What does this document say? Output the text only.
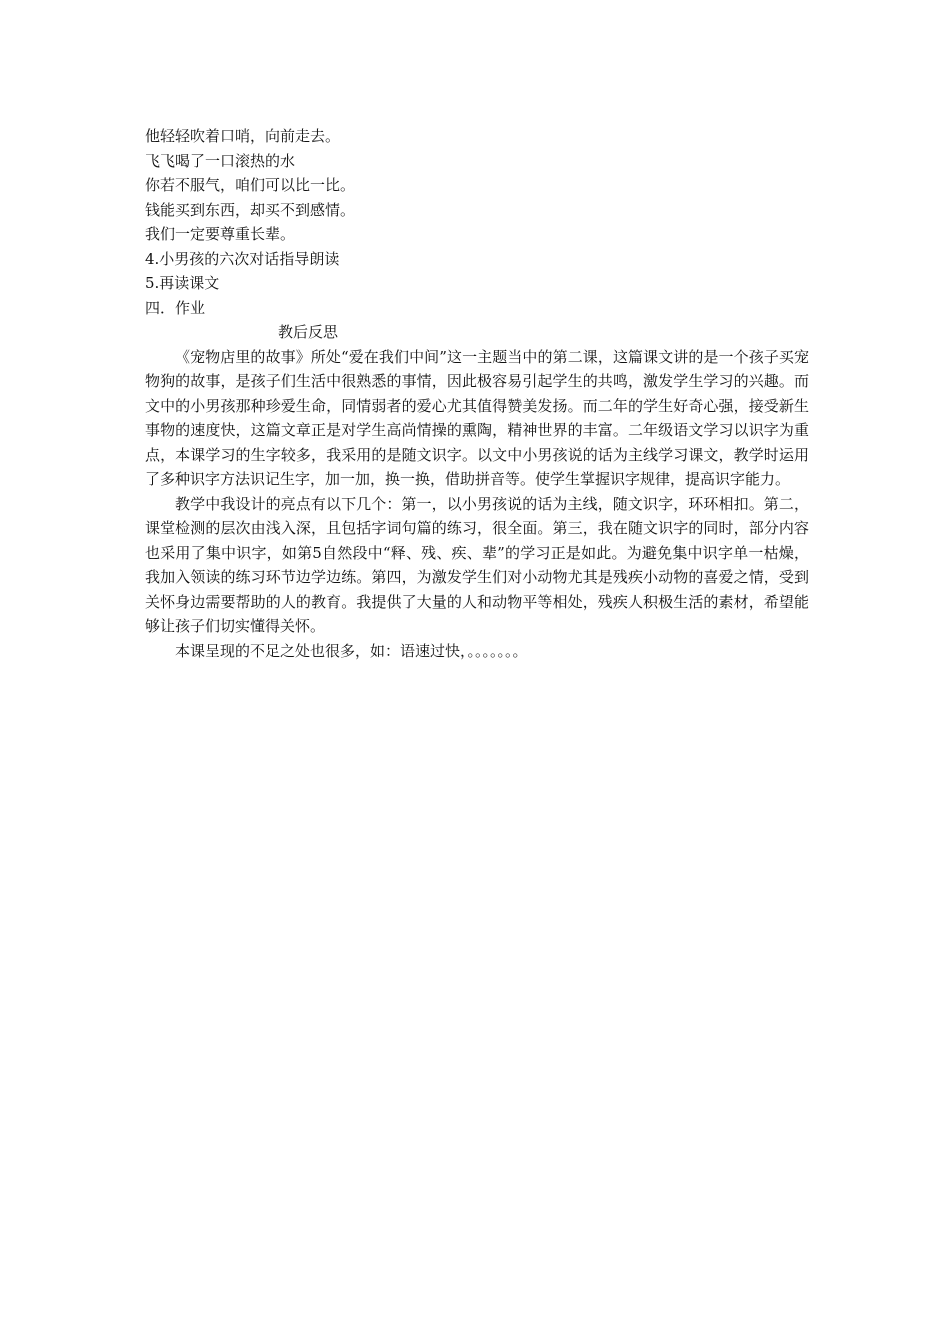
他轻轻吹着口哨，向前走去。
飞飞喝了一口滚热的水
你若不服气，咱们可以比一比。
钱能买到东西，却买不到感情。
我们一定要尊重长辈。
4.小男孩的六次对话指导朗读
5.再读课文
四．作业
教后反思

《宠物店里的故事》所处“爱在我们中间”这一主题当中的第二课，这篇课文讲的是一个孩子买宠物狗的故事，是孩子们生活中很熟悉的事情，因此极容易引起学生的共鸣，激发学生学习的兴趣。而文中的小男孩那种珍爱生命，同情弱者的爱心尤其值得赞美发扬。而二年的学生好奇心强，接受新生事物的速度快，这篇文章正是对学生高尚情操的熏陶，精神世界的丰富。二年级语文学习以识字为重点，本课学习的生字较多，我采用的是随文识字。以文中小男孩说的话为主线学习课文，教学时运用了多种识字方法识记生字，加一加，换一换，借助拼音等。使学生掌握识字规律，提高识字能力。

教学中我设计的亮点有以下几个：第一，以小男孩说的话为主线，随文识字，环环相扣。第二，课堂检测的层次由浅入深，且包括字词句篇的练习，很全面。第三，我在随文识字的同时，部分内容也采用了集中识字，如第5自然段中“释、残、疾、辈”的学习正是如此。为避免集中识字单一枯燥，我加入领读的练习环节边学边练。第四，为激发学生们对小动物尤其是残疾小动物的喜爱之情，受到关怀身边需要帮助的人的教育。我提供了大量的人和动物平等相处，残疾人积极生活的素材，希望能够让孩子们切实懂得关怀。

本课呈现的不足之处也很多，如：语速过快，。。。。。。。
